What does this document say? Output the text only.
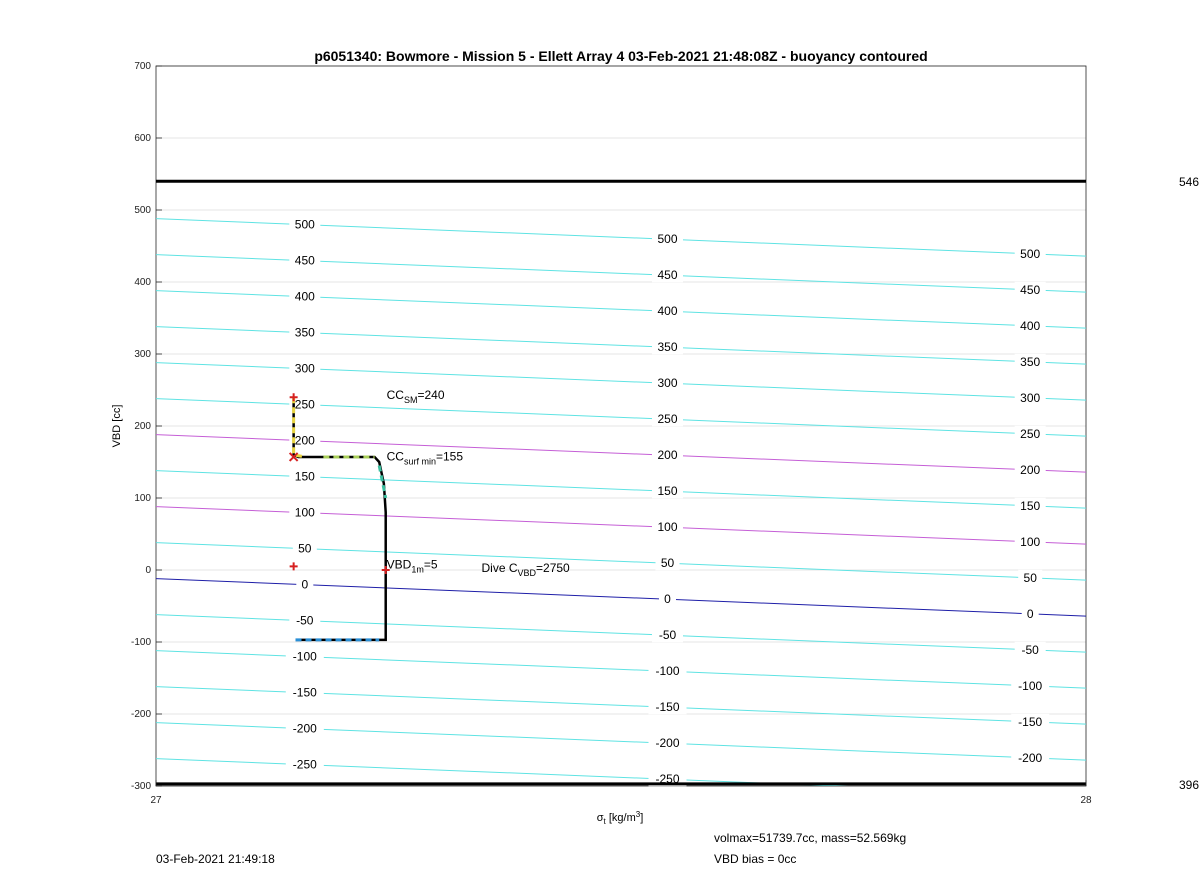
p6051340: Bowmore - Mission 5 - Ellett Array 4 03-Feb-2021 21:48:08Z - buoyancy contoured
500
500
500
450
450
450
400
400
400
350
350
350
300
300
300
250
250
250
200
200
200
150
150
150
100
100
100
50
50
50
0
0
0
-50
-50
-50
-100
-100
-100
-150
-150
-150
-200
-200
-200
-250
-250
546
396
$CC_{SM}=240$
$CC_{surf min}=155$
$VBD_{1m}=5$	Dive $C_{VBD}=2750$
-300
-200
-100
0
100
200
300
400
500
600
700
27	28
VBD [cc]
$\sigma_t$ $[kg/m^3]$
03-Feb-2021 21:49:18
volmax=51739.7cc, mass=52.569kg
VBD bias = 0cc
